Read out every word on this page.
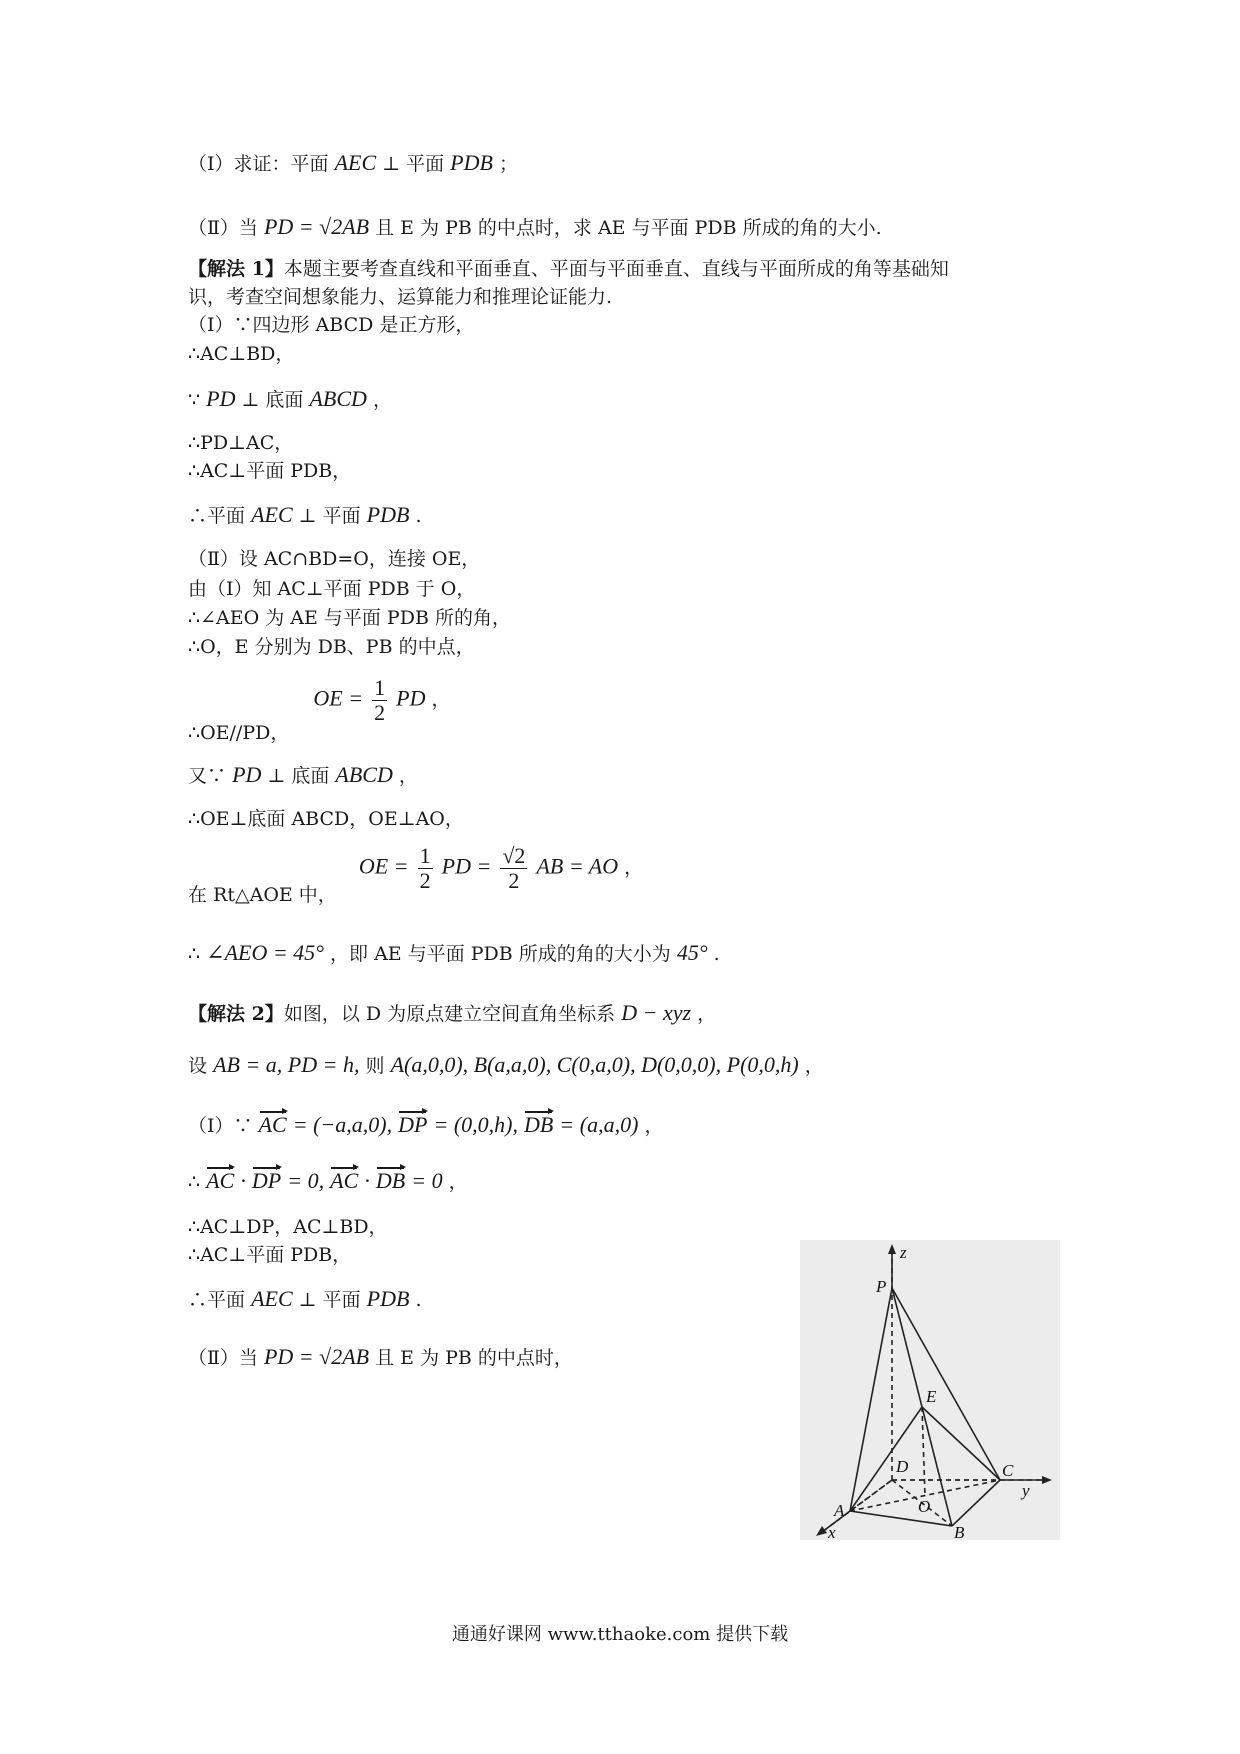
（Ⅰ）求证：平面 AEC ⊥ 平面 PDB ；
（Ⅱ）当 PD = √2AB 且 E 为 PB 的中点时，求 AE 与平面 PDB 所成的角的大小.
【解法 1】本题主要考查直线和平面垂直、平面与平面垂直、直线与平面所成的角等基础知
识，考查空间想象能力、运算能力和推理论证能力.
（Ⅰ）∵四边形 ABCD 是正方形，
∴AC⊥BD，
∵ PD ⊥ 底面 ABCD ，
∴PD⊥AC，
∴AC⊥平面 PDB，
∴平面 AEC ⊥ 平面 PDB .
（Ⅱ）设 AC∩BD=O，连接 OE，
由（Ⅰ）知 AC⊥平面 PDB 于 O，
∴∠AEO 为 AE 与平面 PDB 所的角，
∴O，E 分别为 DB、PB 的中点，
∴OE//PD， OE = $\frac{1}{2}$ PD ，
又∵ PD ⊥ 底面 ABCD ，
∴OE⊥底面 ABCD，OE⊥AO，
在 Rt△AOE 中， OE = $\frac{1}{2}$ PD = $\frac{√2}{2}$ AB = AO ，
∴ ∠AEO = 45° ，即 AE 与平面 PDB 所成的角的大小为 45° .
【解法 2】如图，以 D 为原点建立空间直角坐标系 D − xyz ，
设 AB = a, PD = h, 则 A(a,0,0), B(a,a,0), C(0,a,0), D(0,0,0), P(0,0,h) ，
（Ⅰ）∵ AC = (−a,a,0), DP = (0,0,h), DB = (a,a,0) ，
∴ AC · DP = 0, AC · DB = 0 ，
∴AC⊥DP，AC⊥BD，
∴AC⊥平面 PDB，
∴平面 AEC ⊥ 平面 PDB .
（Ⅱ）当 PD = √2AB 且 E 为 PB 的中点时，
z
P
E
D	C
y
A	O
B
x
通通好课网 www.tthaoke.com 提供下载
